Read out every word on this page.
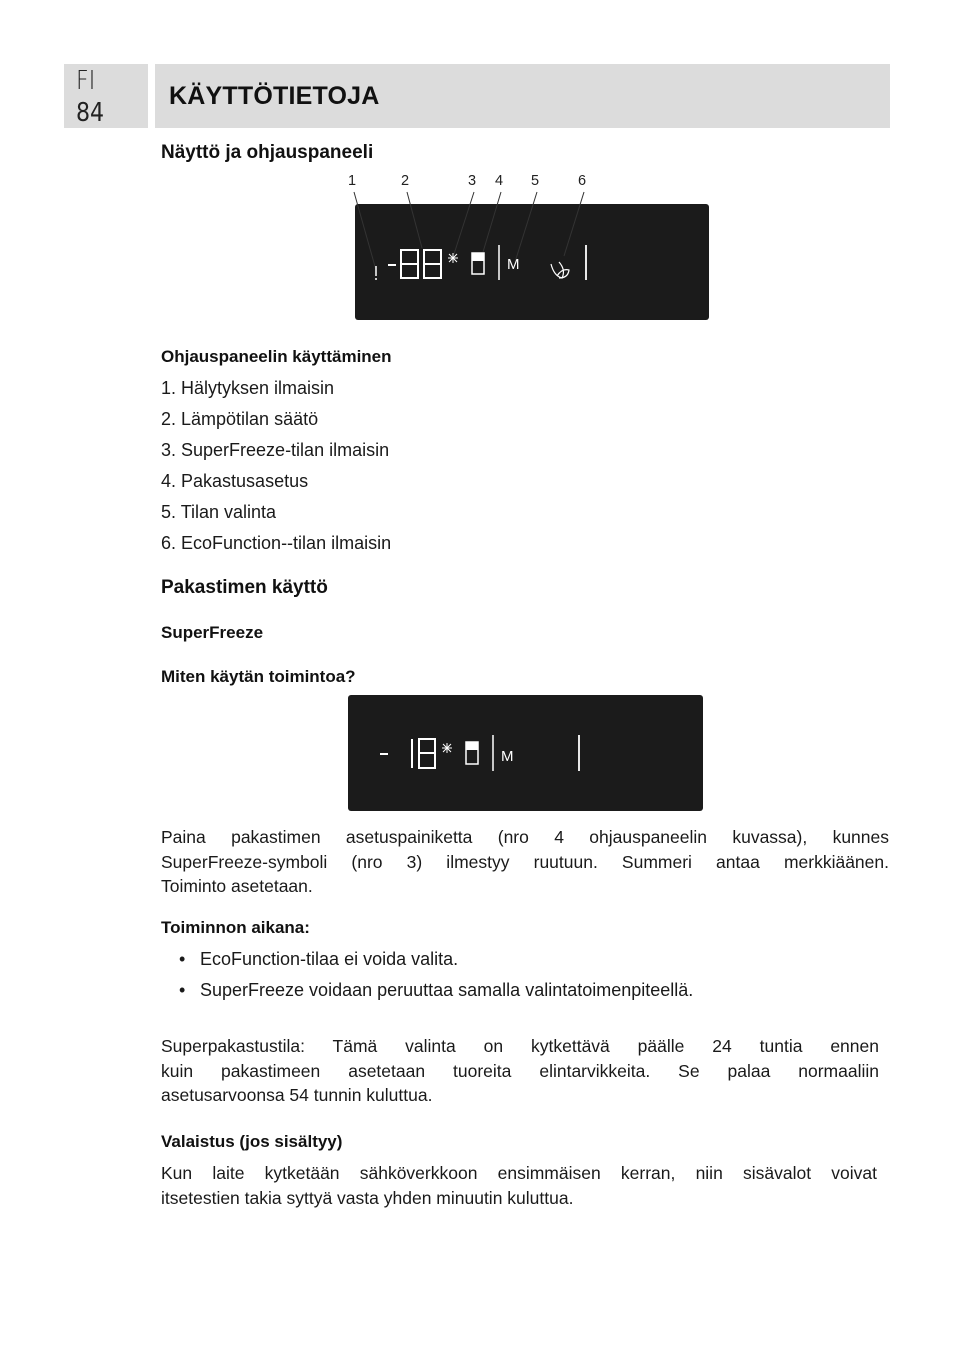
FI
84
KÄYTTÖTIETOJA
Näyttö ja ohjauspaneeli
1	2	3 4 5	6
M
Ohjauspaneelin käyttäminen
1. Hälytyksen ilmaisin
2. Lämpötilan säätö
3. SuperFreeze-tilan ilmaisin
4. Pakastusasetus
5. Tilan valinta
6. EcoFunction--tilan ilmaisin
Pakastimen käyttö
SuperFreeze
Miten käytän toimintoa?
M
Paina pakastimen asetuspainiketta (nro 4 ohjauspaneelin kuvassa), kunnes
SuperFreeze-symboli (nro 3) ilmestyy ruutuun. Summeri antaa merkkiäänen.
Toiminto asetetaan.
Toiminnon aikana:
• EcoFunction-tilaa ei voida valita.
• SuperFreeze voidaan peruuttaa samalla valintatoimenpiteellä.
Superpakastustila: Tämä valinta on kytkettävä päälle 24 tuntia ennen
kuin pakastimeen asetetaan tuoreita elintarvikkeita. Se palaa normaaliin
asetusarvoonsa 54 tunnin kuluttua.
Valaistus (jos sisältyy)
Kun laite kytketään sähköverkkoon ensimmäisen kerran, niin sisävalot voivat
itsetestien takia syttyä vasta yhden minuutin kuluttua.
